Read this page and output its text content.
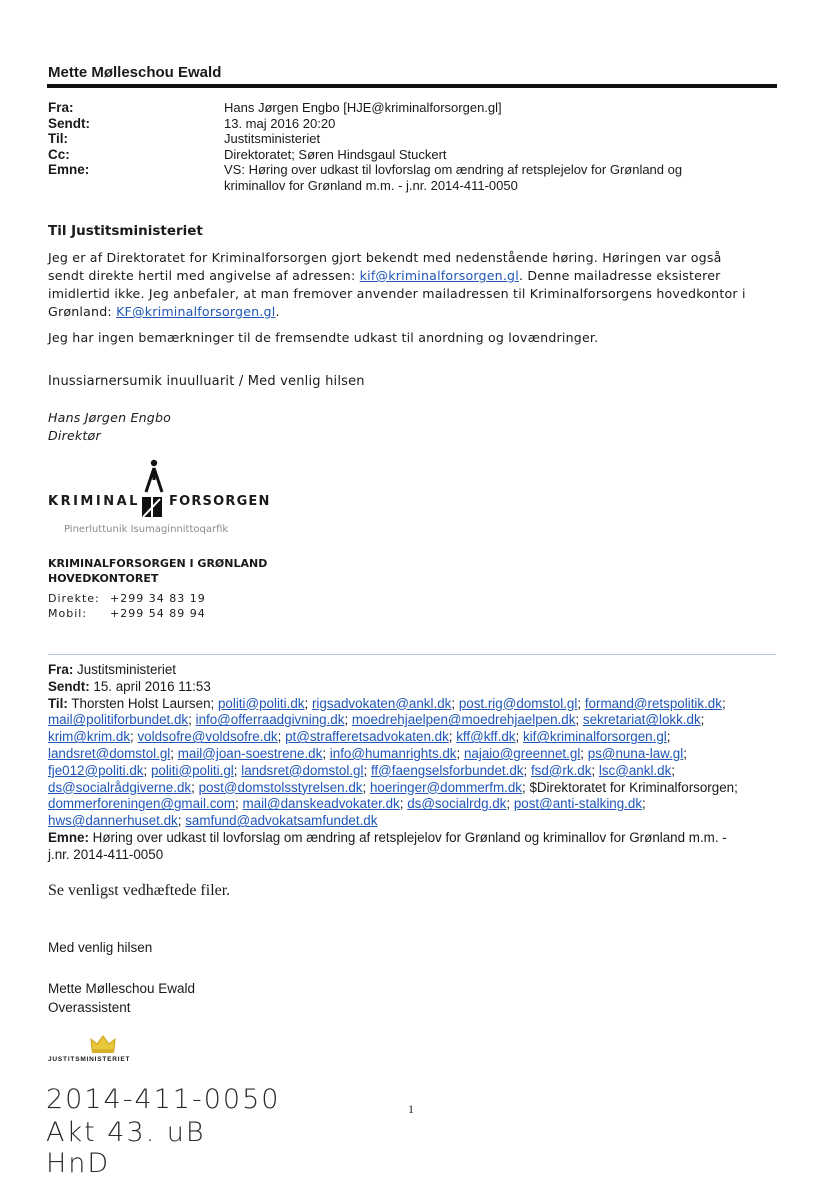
Mette Mølleschou Ewald
Fra:	Hans Jørgen Engbo [HJE@kriminalforsorgen.gl]
Sendt:	13. maj 2016 20:20
Til:	Justitsministeriet
Cc:	Direktoratet; Søren Hindsgaul Stuckert
Emne:	VS: Høring over udkast til lovforslag om ændring af retsplejelov for Grønland og
kriminallov for Grønland m.m. - j.nr. 2014-411-0050
Til Justitsministeriet
Jeg er af Direktoratet for Kriminalforsorgen gjort bekendt med nedenstående høring. Høringen var også
sendt direkte hertil med angivelse af adressen: kif@kriminalforsorgen.gl. Denne mailadresse eksisterer
imidlertid ikke. Jeg anbefaler, at man fremover anvender mailadressen til Kriminalforsorgens hovedkontor i
Grønland: KF@kriminalforsorgen.gl.
Jeg har ingen bemærkninger til de fremsendte udkast til anordning og lovændringer.
Inussiarnersumik inuulluarit / Med venlig hilsen
Hans Jørgen Engbo
Direktør
KRIMINAL FORSORGEN
Pinerluttunik Isumaginnittoqarfik
KRIMINALFORSORGEN I GRØNLAND
HOVEDKONTORET
Direkte: +299 34 83 19
Mobil: +299 54 89 94
Fra: Justitsministeriet
Sendt: 15. april 2016 11:53
Til: Thorsten Holst Laursen; politi@politi.dk; rigsadvokaten@ankl.dk; post.rig@domstol.gl; formand@retspolitik.dk;
mail@politiforbundet.dk; info@offerraadgivning.dk; moedrehjaelpen@moedrehjaelpen.dk; sekretariat@lokk.dk;
krim@krim.dk; voldsofre@voldsofre.dk; pt@strafferetsadvokaten.dk; kff@kff.dk; kif@kriminalforsorgen.gl;
landsret@domstol.gl; mail@joan-soestrene.dk; info@humanrights.dk; najaio@greennet.gl; ps@nuna-law.gl;
fje012@politi.dk; politi@politi.gl; landsret@domstol.gl; ff@faengselsforbundet.dk; fsd@rk.dk; lsc@ankl.dk;
ds@socialrådgiverne.dk; post@domstolsstyrelsen.dk; hoeringer@dommerfm.dk; $Direktoratet for Kriminalforsorgen;
dommerforeningen@gmail.com; mail@danskeadvokater.dk; ds@socialrdg.dk; post@anti-stalking.dk;
hws@dannerhuset.dk; samfund@advokatsamfundet.dk
Emne: Høring over udkast til lovforslag om ændring af retsplejelov for Grønland og kriminallov for Grønland m.m. -
j.nr. 2014-411-0050
Se venligst vedhæftede filer.
Med venlig hilsen
Mette Mølleschou Ewald
Overassistent
JUSTITSMINISTERIET
1
2014-411-0050
Akt 43. uB
HnD
